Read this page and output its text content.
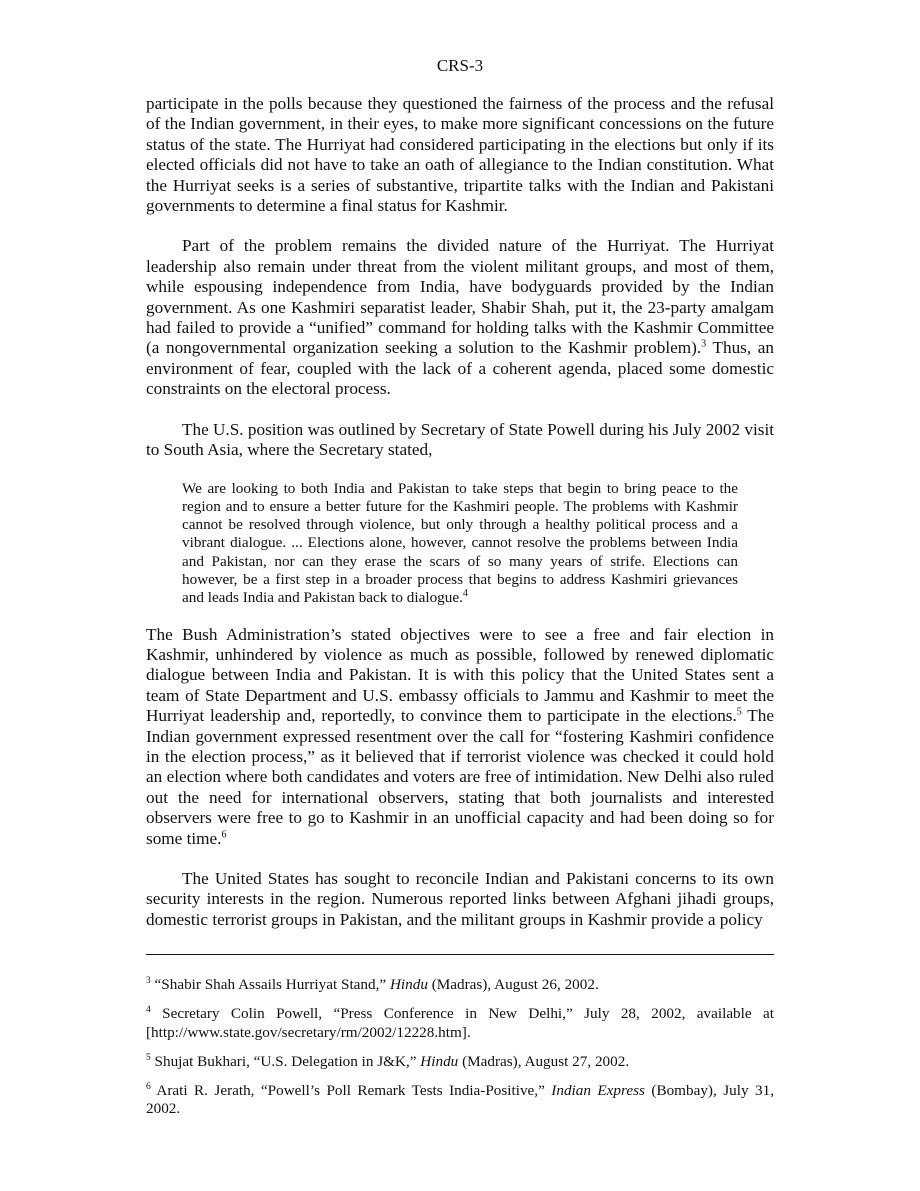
CRS-3

participate in the polls because they questioned the fairness of the process and the refusal of the Indian government, in their eyes, to make more significant concessions on the future status of the state. The Hurriyat had considered participating in the elections but only if its elected officials did not have to take an oath of allegiance to the Indian constitution. What the Hurriyat seeks is a series of substantive, tripartite talks with the Indian and Pakistani governments to determine a final status for Kashmir.

Part of the problem remains the divided nature of the Hurriyat. The Hurriyat leadership also remain under threat from the violent militant groups, and most of them, while espousing independence from India, have bodyguards provided by the Indian government. As one Kashmiri separatist leader, Shabir Shah, put it, the 23-party amalgam had failed to provide a “unified” command for holding talks with the Kashmir Committee (a nongovernmental organization seeking a solution to the Kashmir problem).$^3$ Thus, an environment of fear, coupled with the lack of a coherent agenda, placed some domestic constraints on the electoral process.

The U.S. position was outlined by Secretary of State Powell during his July 2002 visit to South Asia, where the Secretary stated,

We are looking to both India and Pakistan to take steps that begin to bring peace to the region and to ensure a better future for the Kashmiri people. The problems with Kashmir cannot be resolved through violence, but only through a healthy political process and a vibrant dialogue. ... Elections alone, however, cannot resolve the problems between India and Pakistan, nor can they erase the scars of so many years of strife. Elections can however, be a first step in a broader process that begins to address Kashmiri grievances and leads India and Pakistan back to dialogue.$^4$

The Bush Administration’s stated objectives were to see a free and fair election in Kashmir, unhindered by violence as much as possible, followed by renewed diplomatic dialogue between India and Pakistan. It is with this policy that the United States sent a team of State Department and U.S. embassy officials to Jammu and Kashmir to meet the Hurriyat leadership and, reportedly, to convince them to participate in the elections.$^5$ The Indian government expressed resentment over the call for “fostering Kashmiri confidence in the election process,” as it believed that if terrorist violence was checked it could hold an election where both candidates and voters are free of intimidation. New Delhi also ruled out the need for international observers, stating that both journalists and interested observers were free to go to Kashmir in an unofficial capacity and had been doing so for some time.$^6$

The United States has sought to reconcile Indian and Pakistani concerns to its own security interests in the region. Numerous reported links between Afghani jihadi groups, domestic terrorist groups in Pakistan, and the militant groups in Kashmir provide a policy

$^3$ “Shabir Shah Assails Hurriyat Stand,” Hindu (Madras), August 26, 2002.
$^4$ Secretary Colin Powell, “Press Conference in New Delhi,” July 28, 2002, available at [http://www.state.gov/secretary/rm/2002/12228.htm].
$^5$ Shujat Bukhari, “U.S. Delegation in J&K,” Hindu (Madras), August 27, 2002.
$^6$ Arati R. Jerath, “Powell’s Poll Remark Tests India-Positive,” Indian Express (Bombay), July 31, 2002.
